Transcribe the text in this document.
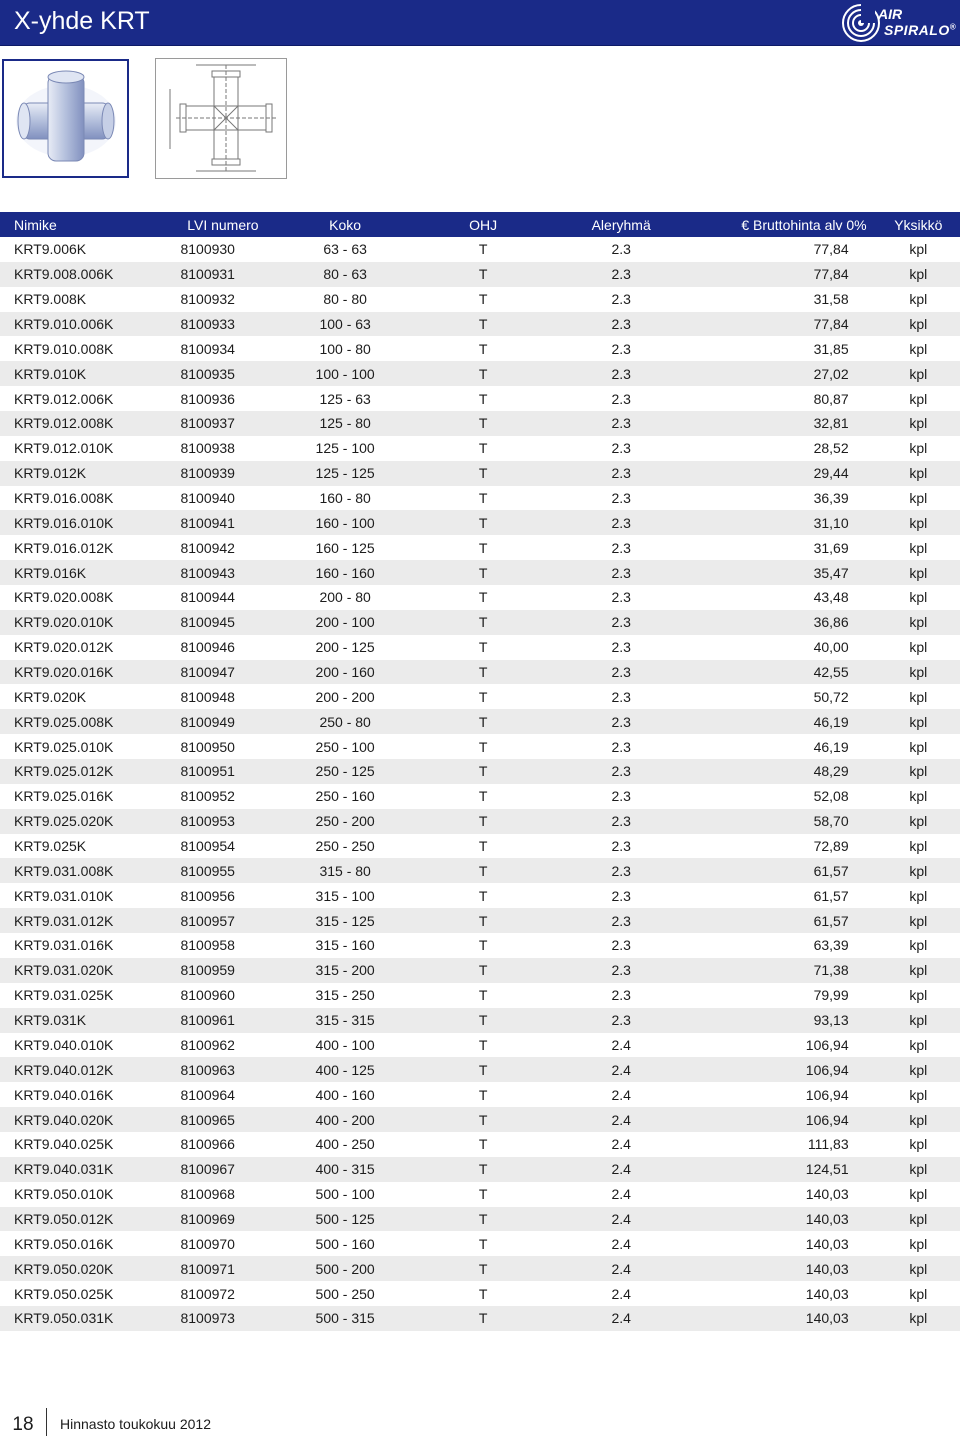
X-yhde KRT	AIR
SPIRALO®
Nimike	LVI numero	Koko	OHJ	Aleryhmä	€ Bruttohinta alv 0%	Yksikkö
KRT9.006K	8100930	63 - 63	T	2.3	77,84	kpl
KRT9.008.006K	8100931	80 - 63	T	2.3	77,84	kpl
KRT9.008K	8100932	80 - 80	T	2.3	31,58	kpl
KRT9.010.006K	8100933	100 - 63	T	2.3	77,84	kpl
KRT9.010.008K	8100934	100 - 80	T	2.3	31,85	kpl
KRT9.010K	8100935	100 - 100	T	2.3	27,02	kpl
KRT9.012.006K	8100936	125 - 63	T	2.3	80,87	kpl
KRT9.012.008K	8100937	125 - 80	T	2.3	32,81	kpl
KRT9.012.010K	8100938	125 - 100	T	2.3	28,52	kpl
KRT9.012K	8100939	125 - 125	T	2.3	29,44	kpl
KRT9.016.008K	8100940	160 - 80	T	2.3	36,39	kpl
KRT9.016.010K	8100941	160 - 100	T	2.3	31,10	kpl
KRT9.016.012K	8100942	160 - 125	T	2.3	31,69	kpl
KRT9.016K	8100943	160 - 160	T	2.3	35,47	kpl
KRT9.020.008K	8100944	200 - 80	T	2.3	43,48	kpl
KRT9.020.010K	8100945	200 - 100	T	2.3	36,86	kpl
KRT9.020.012K	8100946	200 - 125	T	2.3	40,00	kpl
KRT9.020.016K	8100947	200 - 160	T	2.3	42,55	kpl
KRT9.020K	8100948	200 - 200	T	2.3	50,72	kpl
KRT9.025.008K	8100949	250 - 80	T	2.3	46,19	kpl
KRT9.025.010K	8100950	250 - 100	T	2.3	46,19	kpl
KRT9.025.012K	8100951	250 - 125	T	2.3	48,29	kpl
KRT9.025.016K	8100952	250 - 160	T	2.3	52,08	kpl
KRT9.025.020K	8100953	250 - 200	T	2.3	58,70	kpl
KRT9.025K	8100954	250 - 250	T	2.3	72,89	kpl
KRT9.031.008K	8100955	315 - 80	T	2.3	61,57	kpl
KRT9.031.010K	8100956	315 - 100	T	2.3	61,57	kpl
KRT9.031.012K	8100957	315 - 125	T	2.3	61,57	kpl
KRT9.031.016K	8100958	315 - 160	T	2.3	63,39	kpl
KRT9.031.020K	8100959	315 - 200	T	2.3	71,38	kpl
KRT9.031.025K	8100960	315 - 250	T	2.3	79,99	kpl
KRT9.031K	8100961	315 - 315	T	2.3	93,13	kpl
KRT9.040.010K	8100962	400 - 100	T	2.4	106,94	kpl
KRT9.040.012K	8100963	400 - 125	T	2.4	106,94	kpl
KRT9.040.016K	8100964	400 - 160	T	2.4	106,94	kpl
KRT9.040.020K	8100965	400 - 200	T	2.4	106,94	kpl
KRT9.040.025K	8100966	400 - 250	T	2.4	111,83	kpl
KRT9.040.031K	8100967	400 - 315	T	2.4	124,51	kpl
KRT9.050.010K	8100968	500 - 100	T	2.4	140,03	kpl
KRT9.050.012K	8100969	500 - 125	T	2.4	140,03	kpl
KRT9.050.016K	8100970	500 - 160	T	2.4	140,03	kpl
KRT9.050.020K	8100971	500 - 200	T	2.4	140,03	kpl
KRT9.050.025K	8100972	500 - 250	T	2.4	140,03	kpl
KRT9.050.031K	8100973	500 - 315	T	2.4	140,03	kpl
18	Hinnasto toukokuu 2012
